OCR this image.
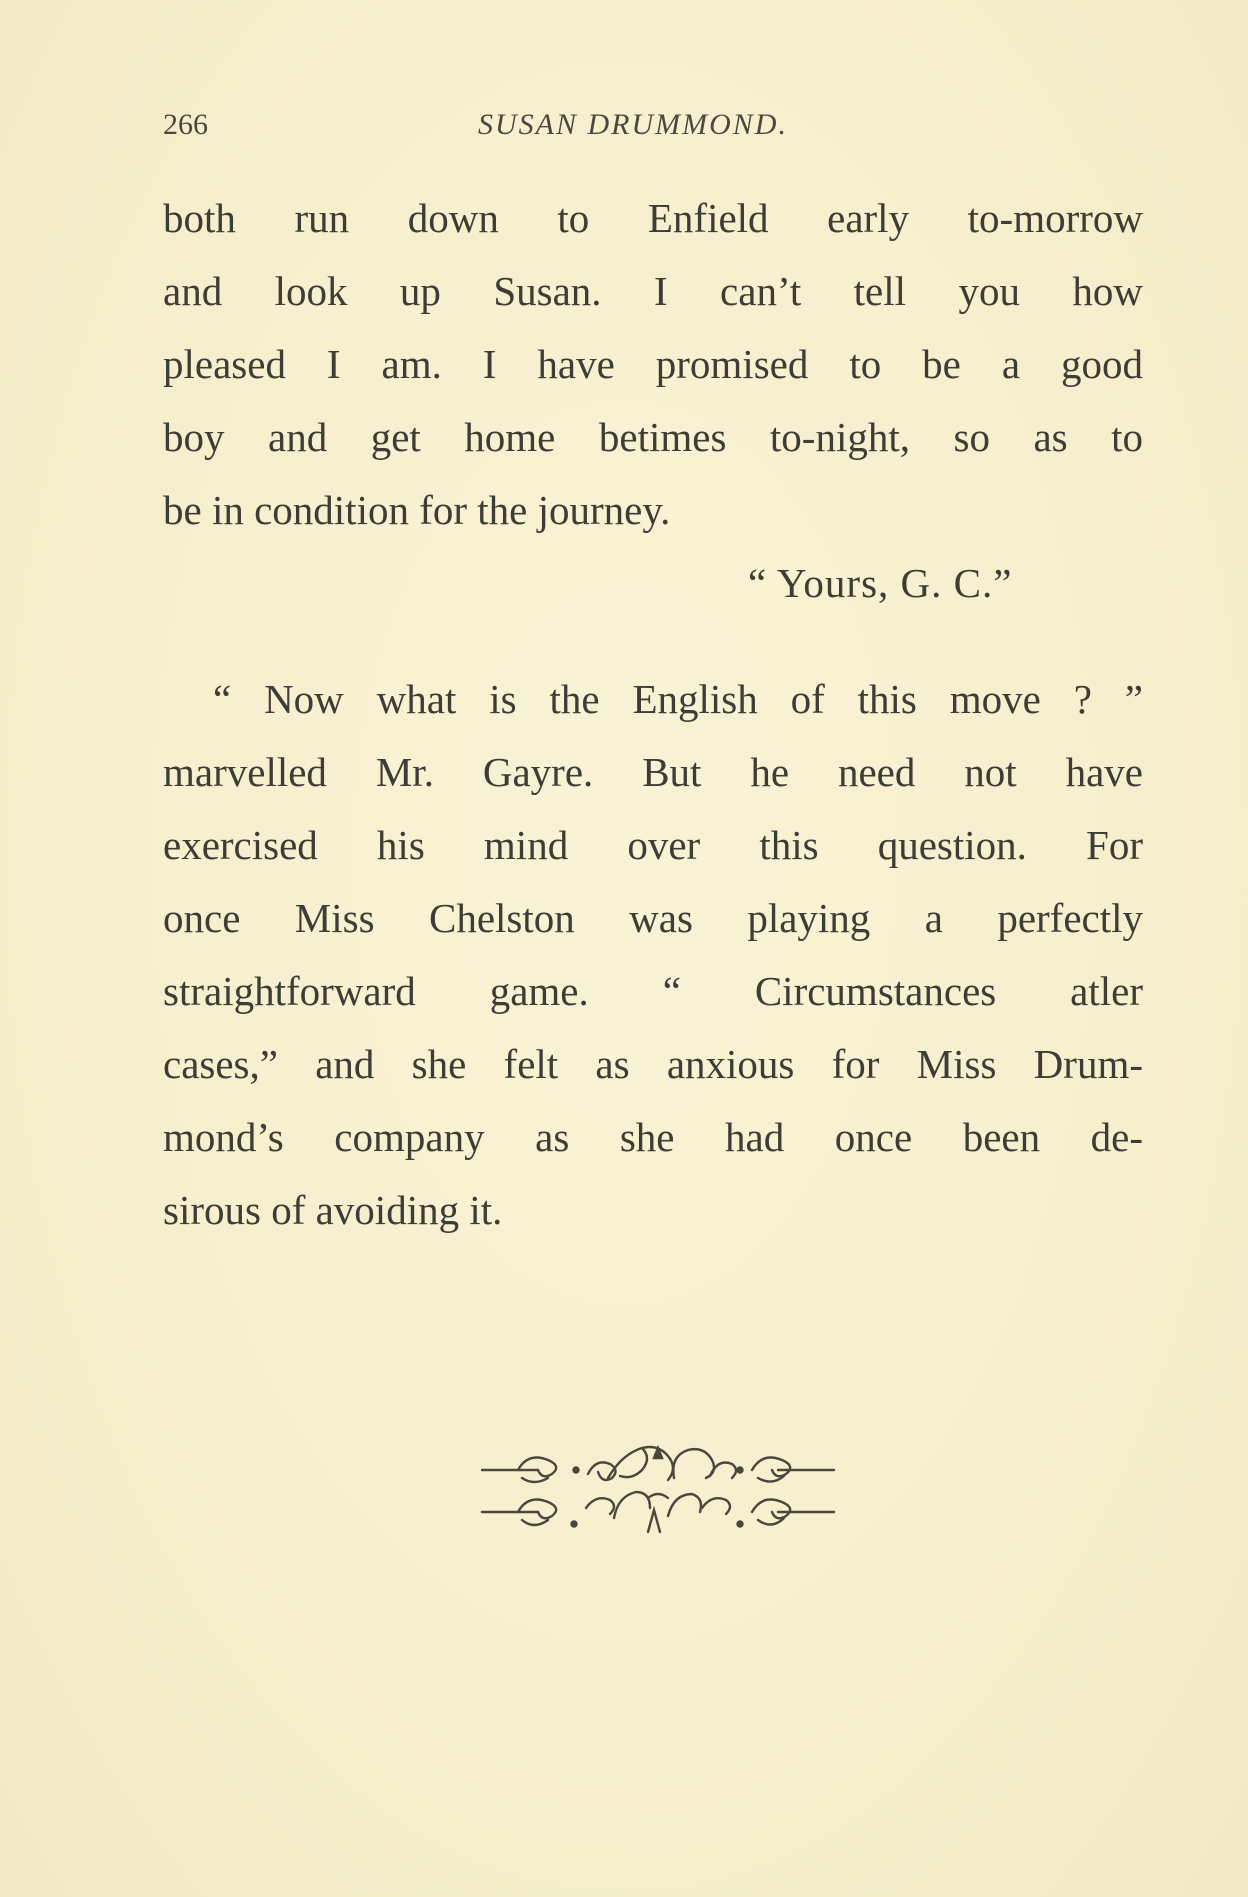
266	SUSAN DRUMMOND.
both run down to Enfield early to-morrow
and look up Susan. I can’t tell you how
pleased I am. I have promised to be a good
boy and get home betimes to-night, so as to
be in condition for the journey.
“ Yours, G. C.”
“ Now what is the English of this move ? ”
marvelled Mr. Gayre. But he need not have
exercised his mind over this question. For
once Miss Chelston was playing a perfectly
straightforward game. “ Circumstances atler
cases,” and she felt as anxious for Miss Drum-
mond’s company as she had once been de-
sirous of avoiding it.
